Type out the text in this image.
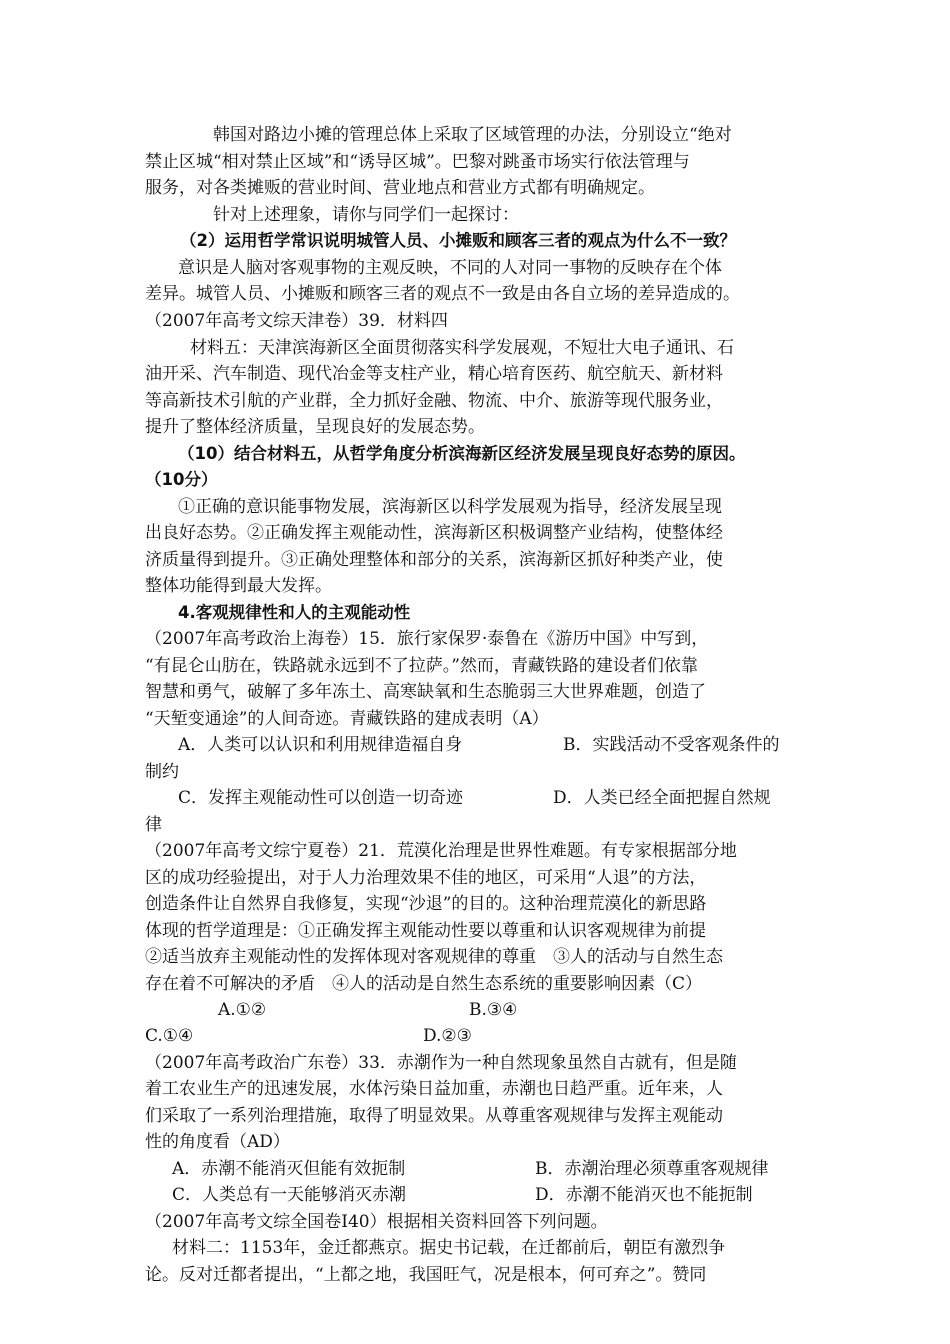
韩国对路边小摊的管理总体上采取了区域管理的办法，分别设立“绝对
禁止区城“相对禁止区域”和“诱导区城”。巴黎对跳蚤市场实行依法管理与
服务，对各类摊贩的营业时间、营业地点和营业方式都有明确规定。
针对上述理象，请你与同学们一起探讨：
（2）运用哲学常识说明城管人员、小摊贩和顾客三者的观点为什么不一致？
意识是人脑对客观事物的主观反映，不同的人对同一事物的反映存在个体
差异。城管人员、小摊贩和顾客三者的观点不一致是由各自立场的差异造成的。
（2007年高考文综天津卷）39．材料四
材料五：天津滨海新区全面贯彻落实科学发展观，不短壮大电子通讯、石
油开采、汽车制造、现代冶金等支柱产业，精心培育医药、航空航天、新材料
等高新技术引航的产业群，全力抓好金融、物流、中介、旅游等现代服务业，
提升了整体经济质量，呈现良好的发展态势。
（10）结合材料五，从哲学角度分析滨海新区经济发展呈现良好态势的原因。
（10分）
①正确的意识能事物发展，滨海新区以科学发展观为指导，经济发展呈现
出良好态势。②正确发挥主观能动性，滨海新区积极调整产业结构，使整体经
济质量得到提升。③正确处理整体和部分的关系，滨海新区抓好种类产业，使
整体功能得到最大发挥。
4.客观规律性和人的主观能动性
（2007年高考政治上海卷）15．旅行家保罗·泰鲁在《游历中国》中写到，
“有昆仑山肪在，铁路就永远到不了拉萨。”然而，青藏铁路的建设者们依靠
智慧和勇气，破解了多年冻土、高寒缺氧和生态脆弱三大世界难题，创造了
“天堑变通途”的人间奇迹。青藏铁路的建成表明（A）
A．人类可以认识和利用规律造福自身	B．实践活动不受客观条件的
制约
C．发挥主观能动性可以创造一切奇迹	D．人类已经全面把握自然规
律
（2007年高考文综宁夏卷）21．荒漠化治理是世界性难题。有专家根据部分地
区的成功经验提出，对于人力治理效果不佳的地区，可采用“人退”的方法，
创造条件让自然界自我修复，实现“沙退”的目的。这种治理荒漠化的新思路
体现的哲学道理是：①正确发挥主观能动性要以尊重和认识客观规律为前提
②适当放弃主观能动性的发挥体现对客观规律的尊重　③人的活动与自然生态
存在着不可解决的矛盾　④人的活动是自然生态系统的重要影响因素（C）
A.①②	B.③④
C.①④	D.②③
（2007年高考政治广东卷）33．赤潮作为一种自然现象虽然自古就有，但是随
着工农业生产的迅速发展，水体污染日益加重，赤潮也日趋严重。近年来，人
们采取了一系列治理措施，取得了明显效果。从尊重客观规律与发挥主观能动
性的角度看（AD）
A．赤潮不能消灭但能有效扼制	B．赤潮治理必须尊重客观规律
C．人类总有一天能够消灭赤潮	D．赤潮不能消灭也不能扼制
（2007年高考文综全国卷Ⅰ40）根据相关资料回答下列问题。
材料二：1153年，金迁都燕京。据史书记载，在迁都前后，朝臣有激烈争
论。反对迁都者提出，“上都之地，我国旺气，况是根本，何可弃之”。赞同
